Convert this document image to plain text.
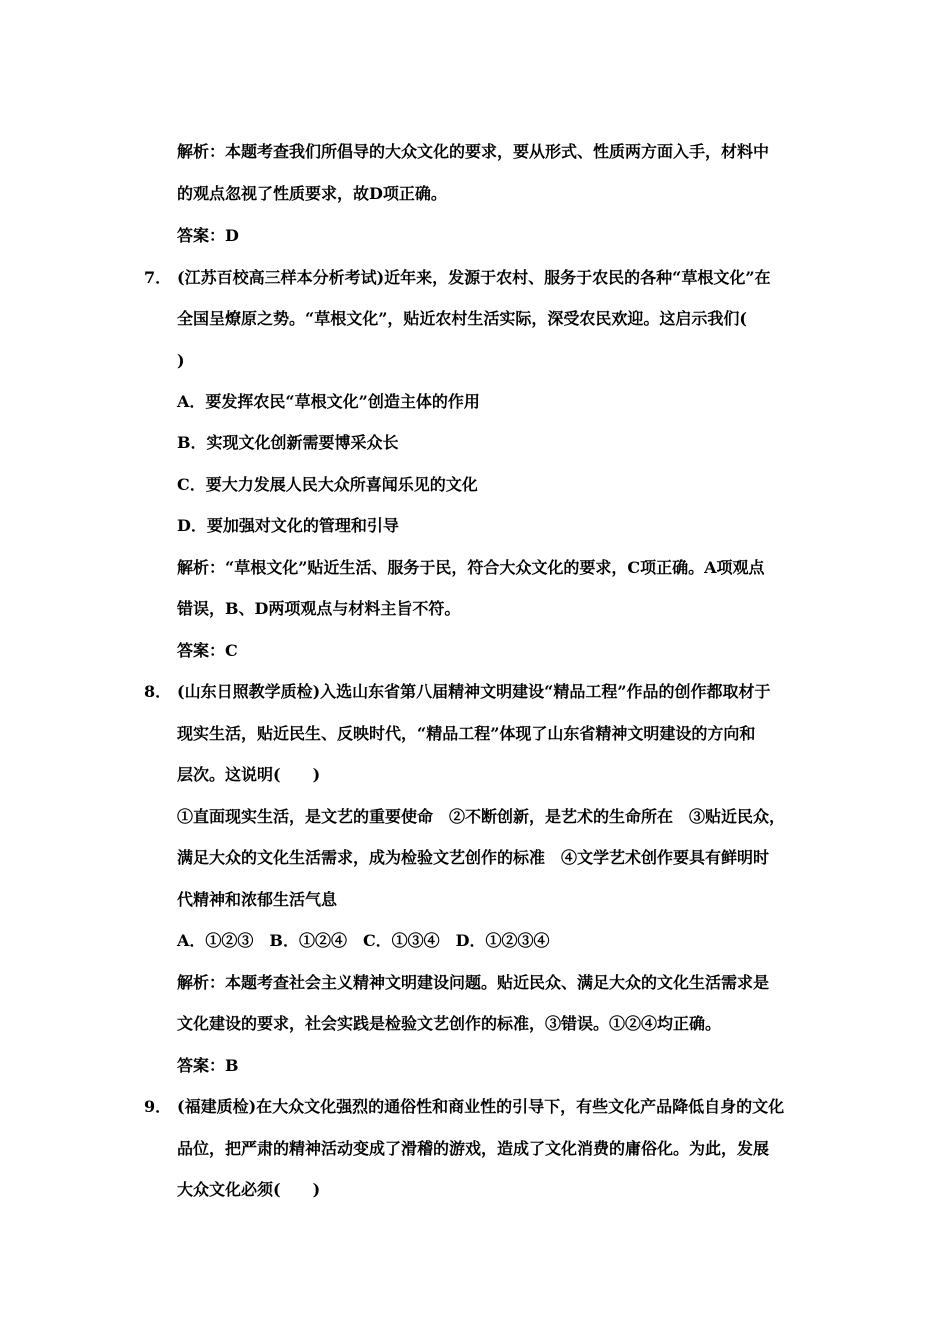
解析：本题考查我们所倡导的大众文化的要求，要从形式、性质两方面入手，材料中
的观点忽视了性质要求，故D项正确。
答案：D
7． (江苏百校高三样本分析考试)近年来，发源于农村、服务于农民的各种“草根文化”在
全国呈燎原之势。“草根文化”，贴近农村生活实际，深受农民欢迎。这启示我们(
)
A．要发挥农民“草根文化”创造主体的作用
B．实现文化创新需要博采众长
C．要大力发展人民大众所喜闻乐见的文化
D．要加强对文化的管理和引导
解析：“草根文化”贴近生活、服务于民，符合大众文化的要求，C项正确。A项观点
错误，B、D两项观点与材料主旨不符。
答案：C
8． (山东日照教学质检)入选山东省第八届精神文明建设“精品工程”作品的创作都取材于
现实生活，贴近民生、反映时代，“精品工程”体现了山东省精神文明建设的方向和
层次。这说明(　　)
①直面现实生活，是文艺的重要使命　②不断创新，是艺术的生命所在　③贴近民众，
满足大众的文化生活需求，成为检验文艺创作的标准　④文学艺术创作要具有鲜明时
代精神和浓郁生活气息
A．①②③　B．①②④　C．①③④　D．①②③④
解析：本题考查社会主义精神文明建设问题。贴近民众、满足大众的文化生活需求是
文化建设的要求，社会实践是检验文艺创作的标准，③错误。①②④均正确。
答案：B
9． (福建质检)在大众文化强烈的通俗性和商业性的引导下，有些文化产品降低自身的文化
品位，把严肃的精神活动变成了滑稽的游戏，造成了文化消费的庸俗化。为此，发展
大众文化必须(　　)
